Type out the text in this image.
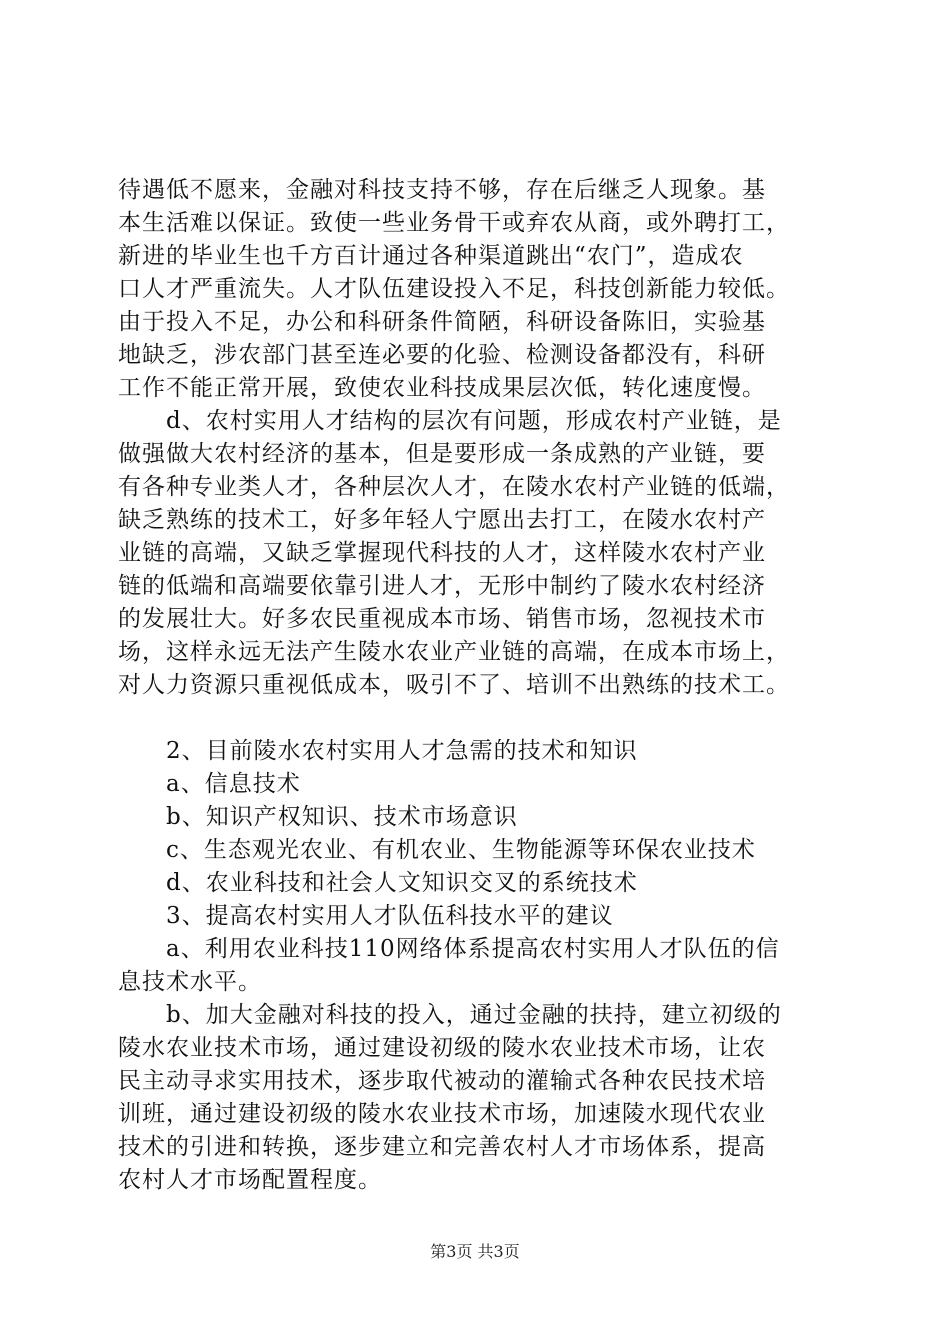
待遇低不愿来，金融对科技支持不够，存在后继乏人现象。基
本生活难以保证。致使一些业务骨干或弃农从商，或外聘打工，
新进的毕业生也千方百计通过各种渠道跳出“农门”，造成农
口人才严重流失。人才队伍建设投入不足，科技创新能力较低。
由于投入不足，办公和科研条件简陋，科研设备陈旧，实验基
地缺乏，涉农部门甚至连必要的化验、检测设备都没有，科研
工作不能正常开展，致使农业科技成果层次低，转化速度慢。

d、农村实用人才结构的层次有问题，形成农村产业链，是
做强做大农村经济的基本，但是要形成一条成熟的产业链，要
有各种专业类人才，各种层次人才，在陵水农村产业链的低端，
缺乏熟练的技术工，好多年轻人宁愿出去打工，在陵水农村产
业链的高端，又缺乏掌握现代科技的人才，这样陵水农村产业
链的低端和高端要依靠引进人才，无形中制约了陵水农村经济
的发展壮大。好多农民重视成本市场、销售市场，忽视技术市
场，这样永远无法产生陵水农业产业链的高端，在成本市场上，
对人力资源只重视低成本，吸引不了、培训不出熟练的技术工。

2、目前陵水农村实用人才急需的技术和知识
a、信息技术
b、知识产权知识、技术市场意识
c、生态观光农业、有机农业、生物能源等环保农业技术
d、农业科技和社会人文知识交叉的系统技术
3、提高农村实用人才队伍科技水平的建议

a、利用农业科技110网络体系提高农村实用人才队伍的信
息技术水平。

b、加大金融对科技的投入，通过金融的扶持，建立初级的
陵水农业技术市场，通过建设初级的陵水农业技术市场，让农
民主动寻求实用技术，逐步取代被动的灌输式各种农民技术培
训班，通过建设初级的陵水农业技术市场，加速陵水现代农业
技术的引进和转换，逐步建立和完善农村人才市场体系，提高
农村人才市场配置程度。

第3页 共3页
